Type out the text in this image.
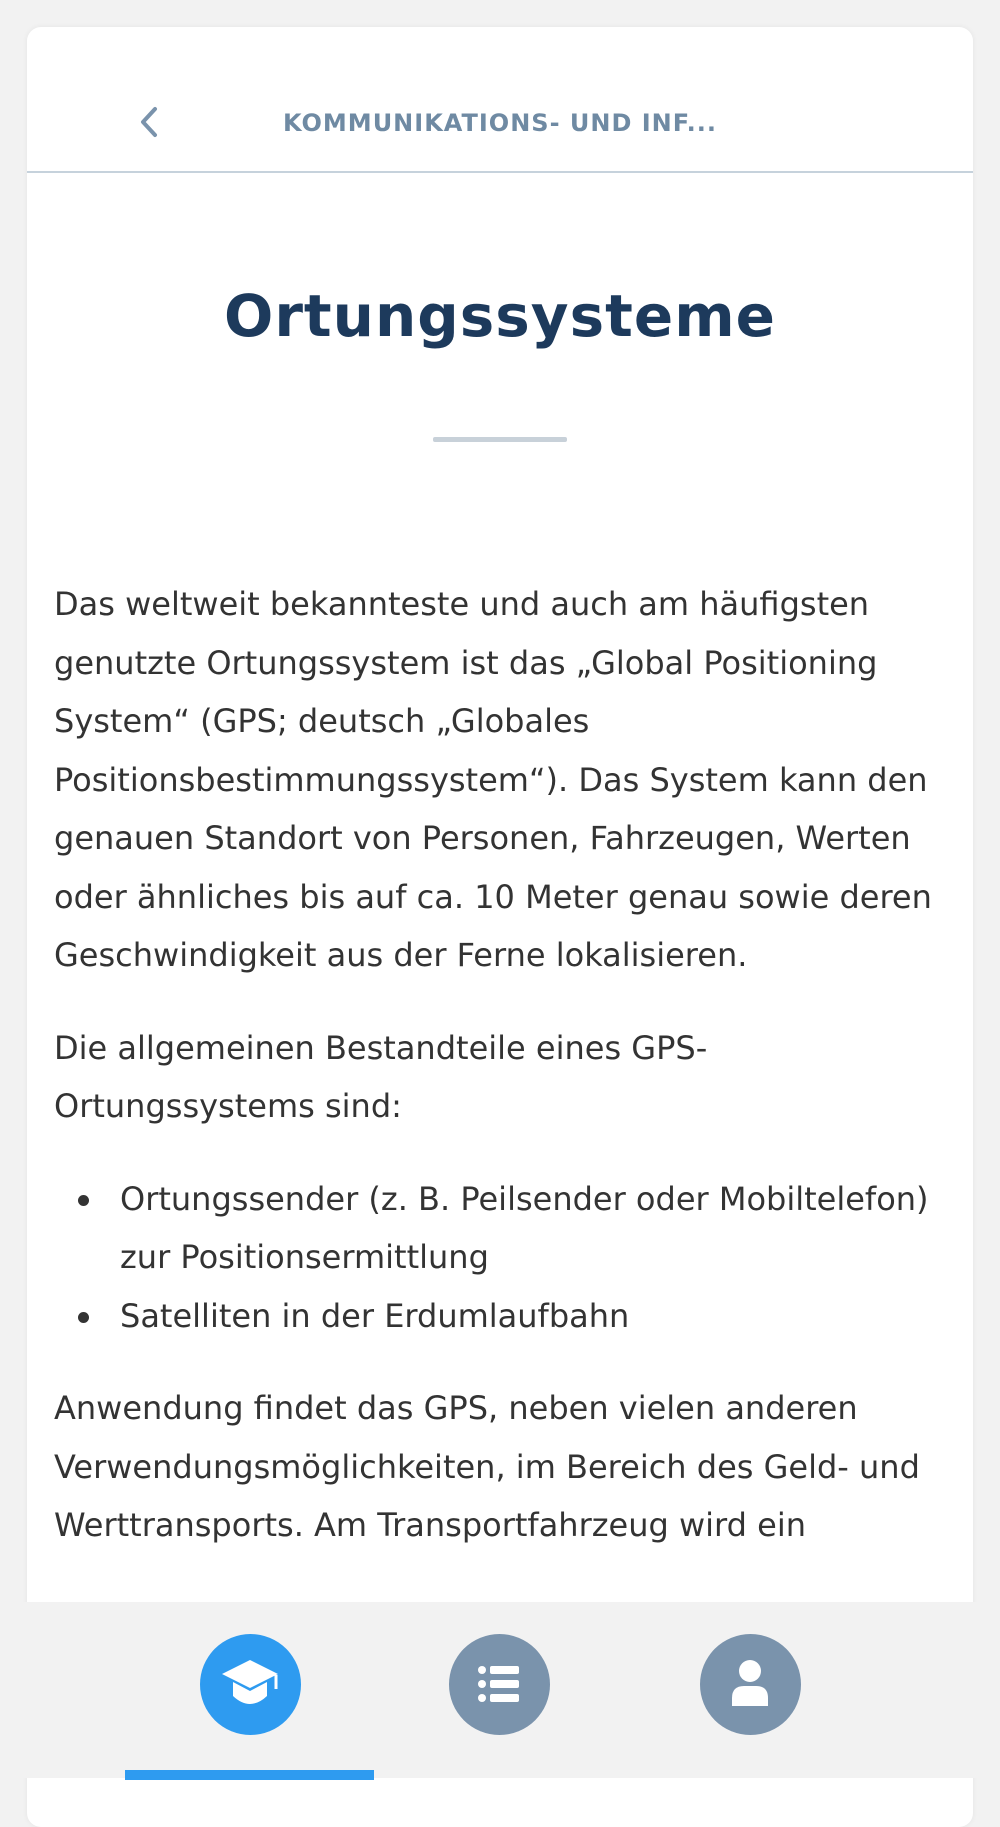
KOMMUNIKATIONS- UND INF...
Ortungssysteme

Das weltweit bekannteste und auch am häufigsten genutzte Ortungssystem ist das „Global Positioning System“ (GPS; deutsch „Globales Positionsbestimmungssystem“). Das System kann den genauen Standort von Personen, Fahrzeugen, Werten oder ähnliches bis auf ca. 10 Meter genau sowie deren Geschwindigkeit aus der Ferne lokalisieren.

Die allgemeinen Bestandteile eines GPS-Ortungssystems sind:

Ortungssender (z. B. Peilsender oder Mobiltelefon) zur Positionsermittlung
Satelliten in der Erdumlaufbahn

Anwendung findet das GPS, neben vielen anderen Verwendungsmöglichkeiten, im Bereich des Geld- und Werttransports. Am Transportfahrzeug wird ein
